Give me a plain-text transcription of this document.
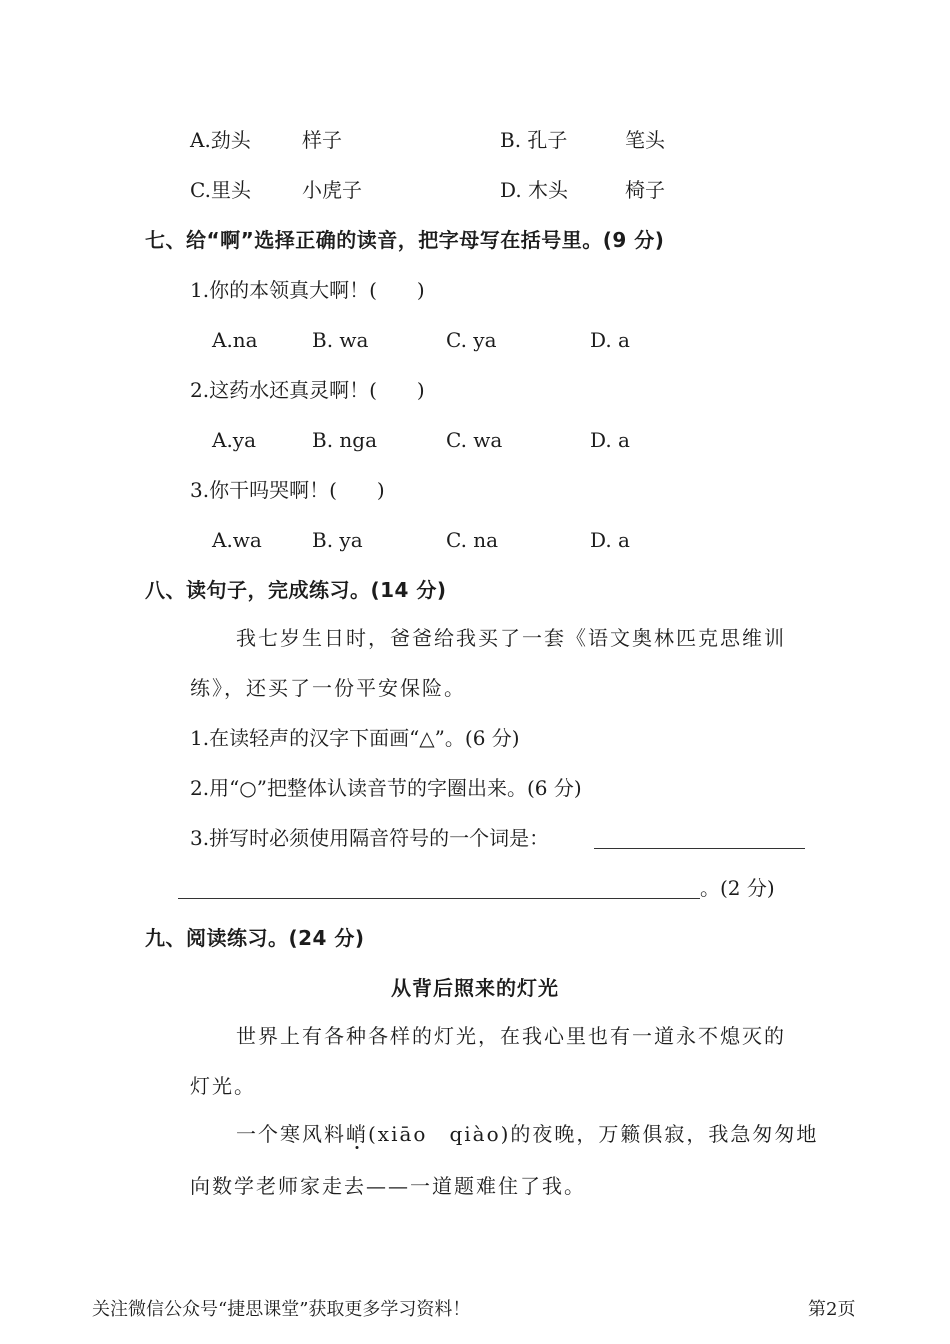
A.劲头	样子	B. 孔子	笔头
C.里头	小虎子	D. 木头	椅子
七、给“啊”选择正确的读音，把字母写在括号里。(9 分)
1.你的本领真大啊！(　　)
A.na	B. wa	C. ya	D. a
2.这药水还真灵啊！(　　)
A.ya	B. nga	C. wa	D. a
3.你干吗哭啊！(　　)
A.wa	B. ya	C. na	D. a
八、读句子，完成练习。(14 分)
我七岁生日时，爸爸给我买了一套《语文奥林匹克思维训
练》，还买了一份平安保险。
1.在读轻声的汉字下面画“△”。(6 分)
2.用“○”把整体认读音节的字圈出来。(6 分)
3.拼写时必须使用隔音符号的一个词是：
。(2 分)
九、阅读练习。(24 分)
从背后照来的灯光
世界上有各种各样的灯光，在我心里也有一道永不熄灭的
灯光。
一个寒风料峭(xiāo　qiào)的夜晚，万籁俱寂，我急匆匆地
向数学老师家走去——一道题难住了我。
关注微信公众号“捷思课堂”获取更多学习资料！	第2页
